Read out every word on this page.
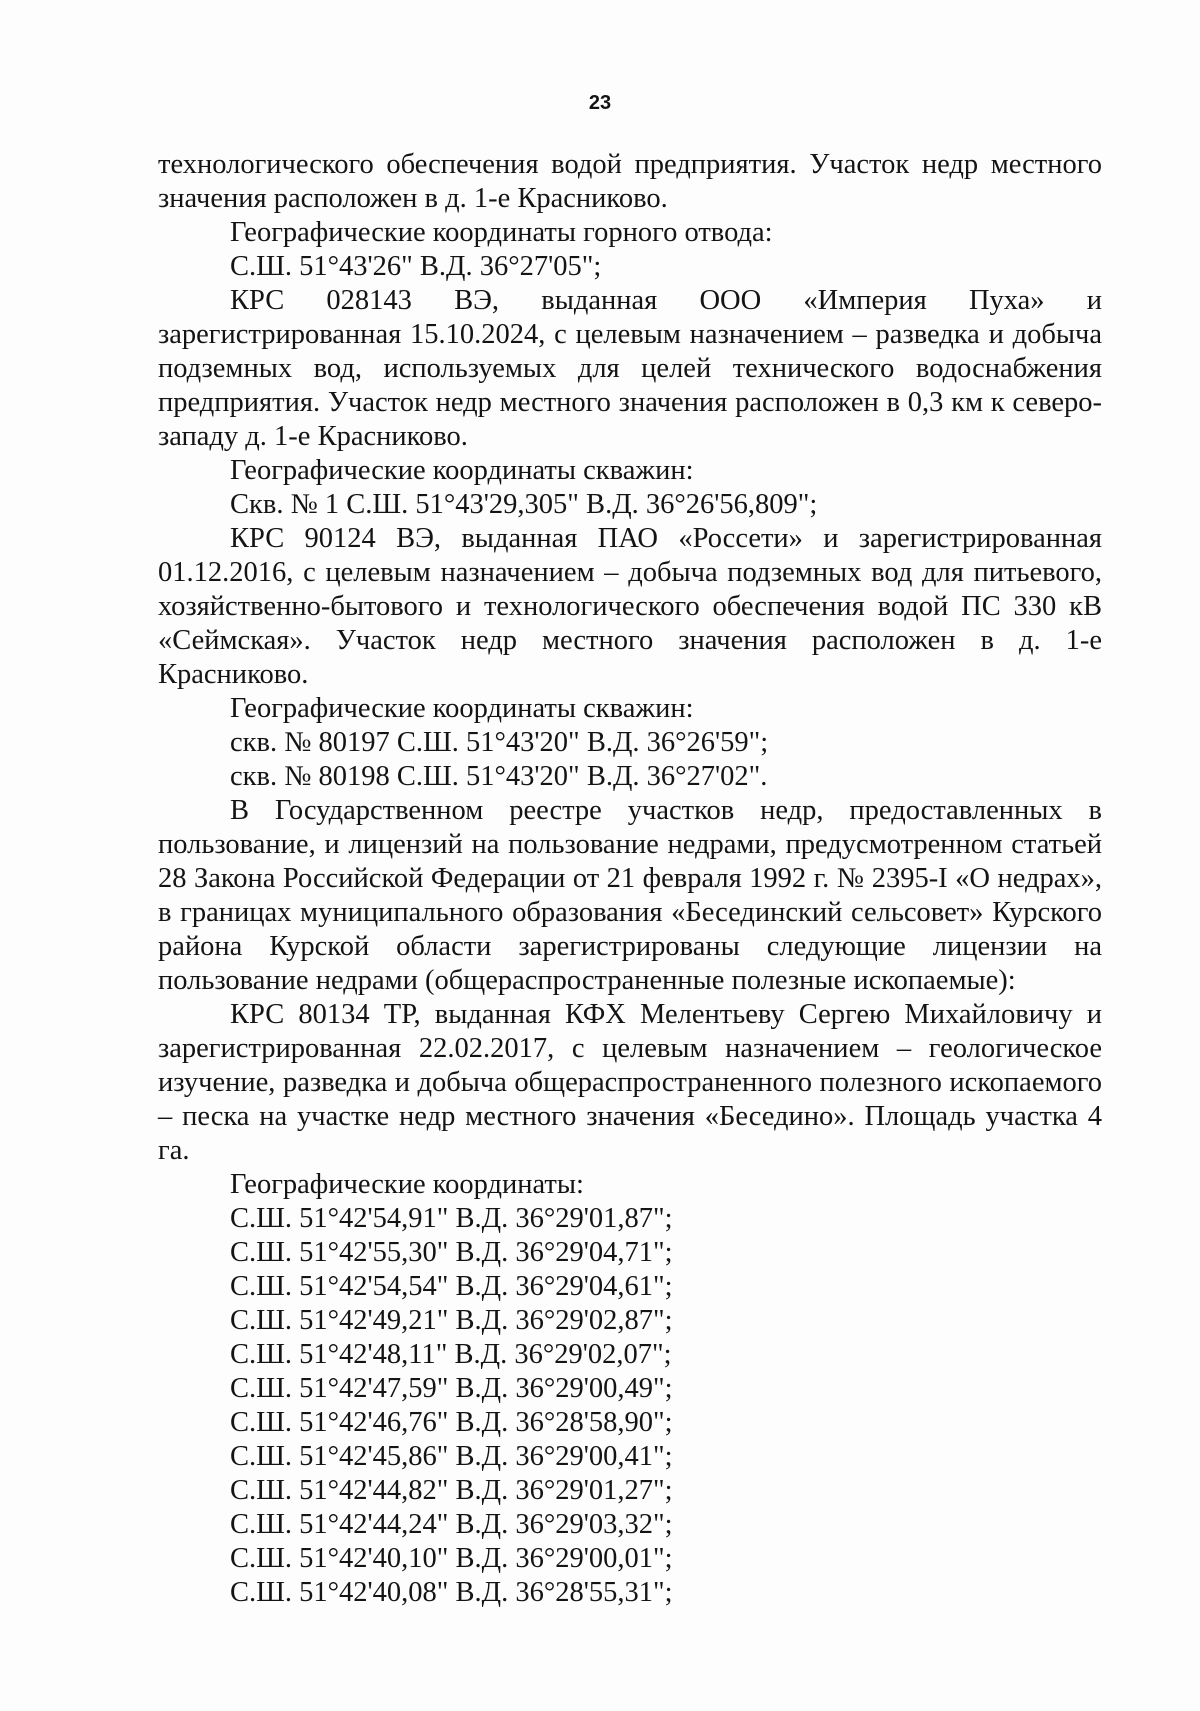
23

технологического обеспечения водой предприятия. Участок недр местного значения расположен в д. 1-е Красниково.

Географические координаты горного отвода:

С.Ш. 51°43'26" В.Д. 36°27'05";

КРС 028143 ВЭ, выданная ООО «Империя Пуха» и зарегистрированная 15.10.2024, с целевым назначением – разведка и добыча подземных вод, используемых для целей технического водоснабжения предприятия. Участок недр местного значения расположен в 0,3 км к северо-западу д. 1-е Красниково.

Географические координаты скважин:

Скв. № 1 С.Ш. 51°43'29,305" В.Д. 36°26'56,809";

КРС 90124 ВЭ, выданная ПАО «Россети» и зарегистрированная 01.12.2016, с целевым назначением – добыча подземных вод для питьевого, хозяйственно-бытового и технологического обеспечения водой ПС 330 кВ «Сеймская». Участок недр местного значения расположен в д. 1-е Красниково.

Географические координаты скважин:

скв. № 80197 С.Ш. 51°43'20" В.Д. 36°26'59";

скв. № 80198 С.Ш. 51°43'20" В.Д. 36°27'02".

В Государственном реестре участков недр, предоставленных в пользование, и лицензий на пользование недрами, предусмотренном статьей 28 Закона Российской Федерации от 21 февраля 1992 г. № 2395-I «О недрах», в границах муниципального образования «Бесединский сельсовет» Курского района Курской области зарегистрированы следующие лицензии на пользование недрами (общераспространенные полезные ископаемые):

КРС 80134 ТР, выданная КФХ Мелентьеву Сергею Михайловичу и зарегистрированная 22.02.2017, с целевым назначением – геологическое изучение, разведка и добыча общераспространенного полезного ископаемого – песка на участке недр местного значения «Беседино». Площадь участка 4 га.

Географические координаты:

С.Ш. 51°42'54,91" В.Д. 36°29'01,87";

С.Ш. 51°42'55,30" В.Д. 36°29'04,71";

С.Ш. 51°42'54,54" В.Д. 36°29'04,61";

С.Ш. 51°42'49,21" В.Д. 36°29'02,87";

С.Ш. 51°42'48,11" В.Д. 36°29'02,07";

С.Ш. 51°42'47,59" В.Д. 36°29'00,49";

С.Ш. 51°42'46,76" В.Д. 36°28'58,90";

С.Ш. 51°42'45,86" В.Д. 36°29'00,41";

С.Ш. 51°42'44,82" В.Д. 36°29'01,27";

С.Ш. 51°42'44,24" В.Д. 36°29'03,32";

С.Ш. 51°42'40,10" В.Д. 36°29'00,01";

С.Ш. 51°42'40,08" В.Д. 36°28'55,31";
